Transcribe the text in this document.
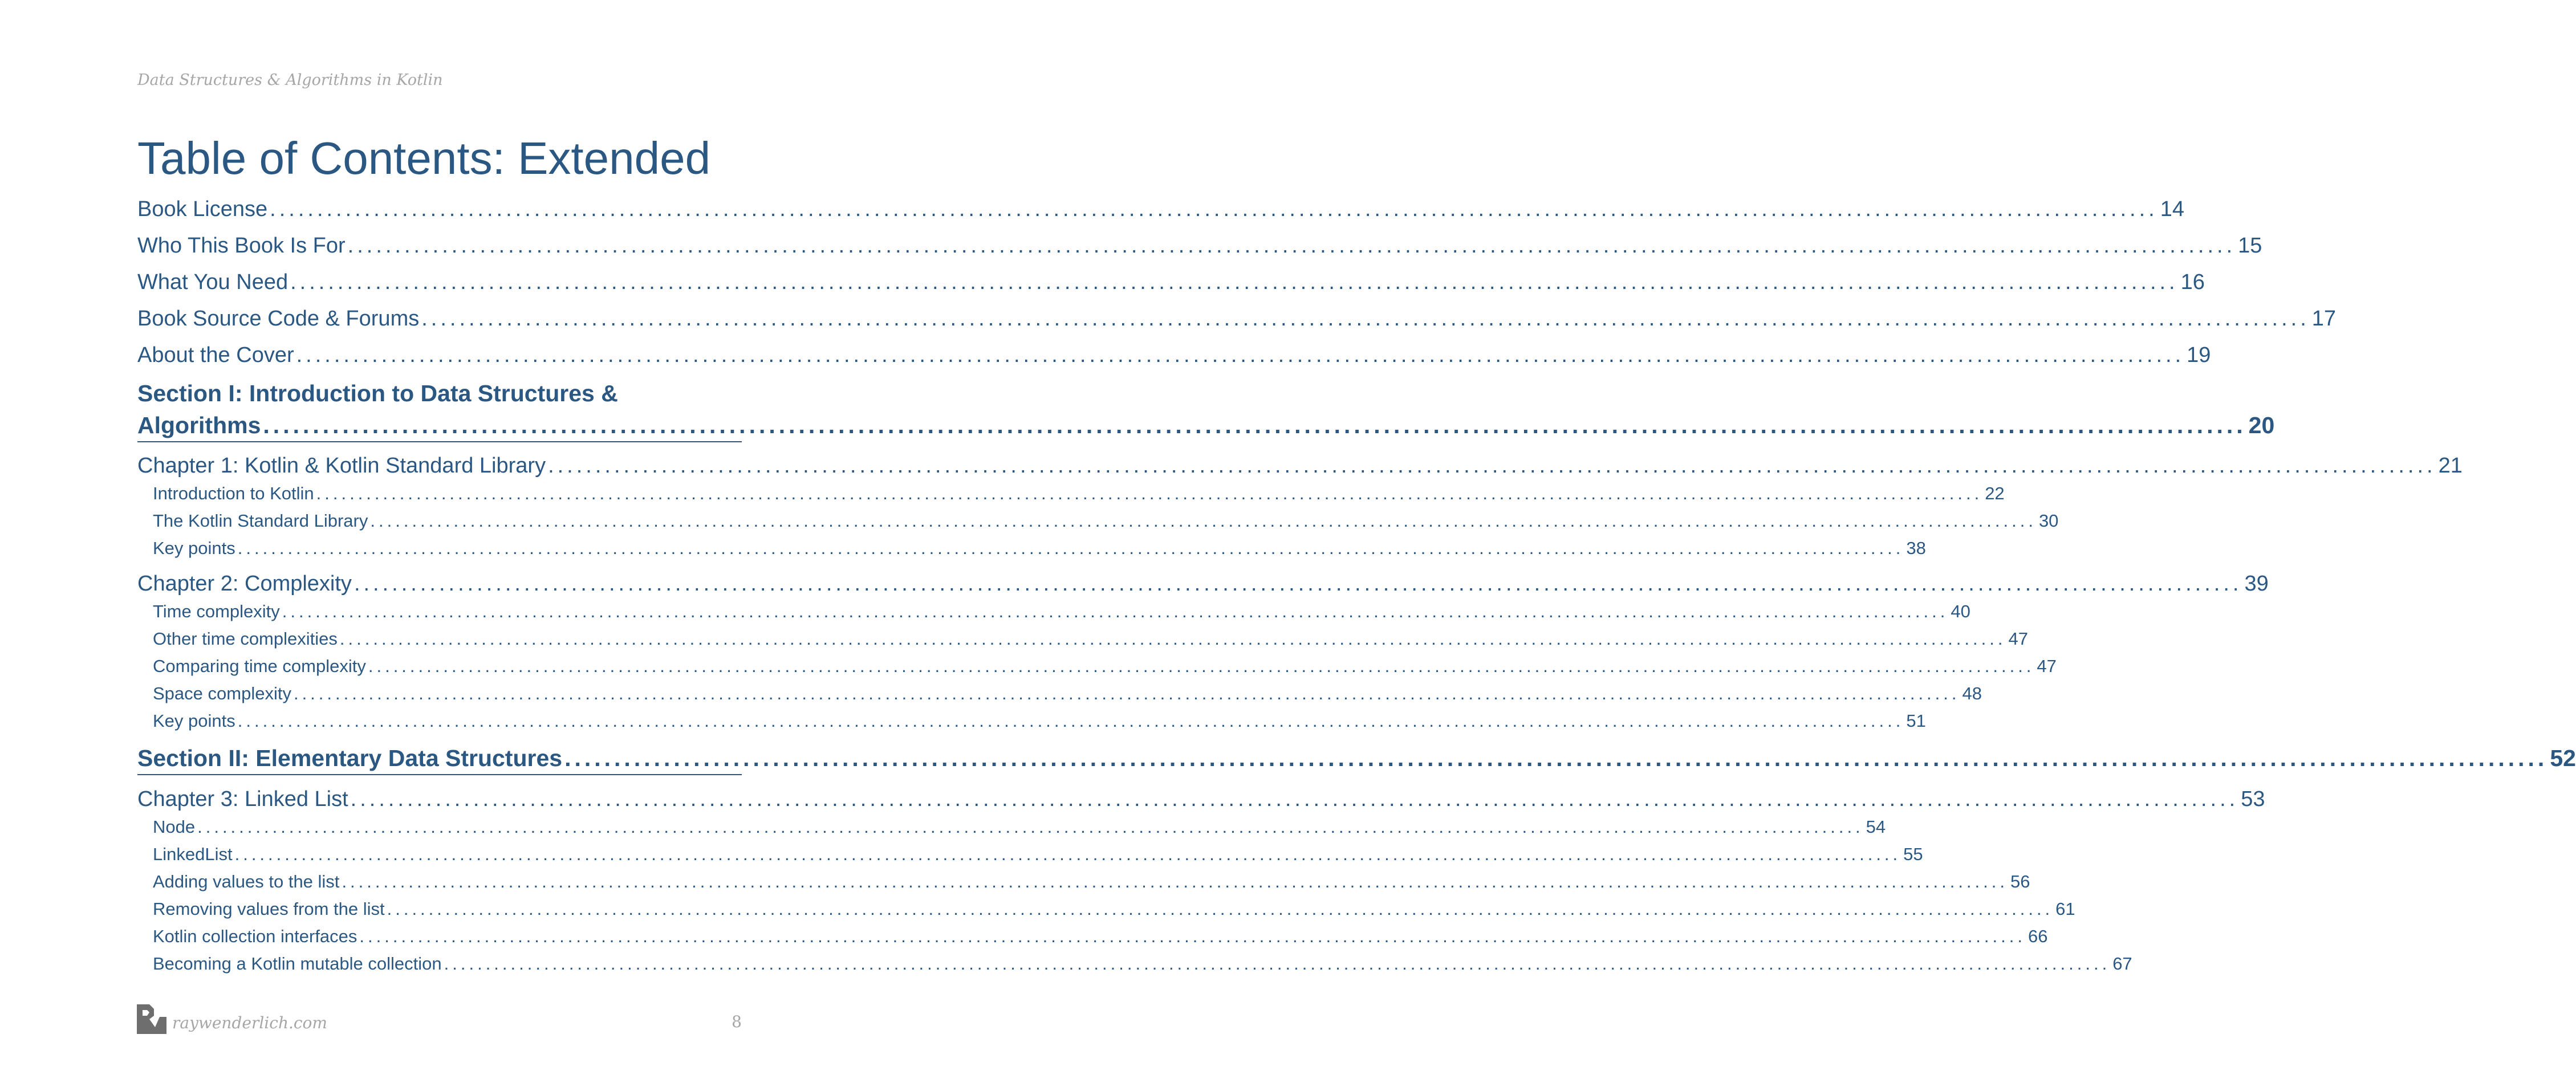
Data Structures & Algorithms in Kotlin
Table of Contents: Extended
Book License ........................................................................................................................................................................................................ 14
Who This Book Is For ........................................................................................................................................................................................................ 15
What You Need ........................................................................................................................................................................................................ 16
Book Source Code & Forums ........................................................................................................................................................................................................ 17
About the Cover ........................................................................................................................................................................................................ 19
Section I: Introduction to Data Structures &
Algorithms ........................................................................................................................................................................................................ 20
Chapter 1: Kotlin & Kotlin Standard Library ........................................................................................................................................................................................................ 21
Introduction to Kotlin ........................................................................................................................................................................................................ 22
The Kotlin Standard Library ........................................................................................................................................................................................................ 30
Key points ........................................................................................................................................................................................................ 38
Chapter 2: Complexity ........................................................................................................................................................................................................ 39
Time complexity ........................................................................................................................................................................................................ 40
Other time complexities ........................................................................................................................................................................................................ 47
Comparing time complexity ........................................................................................................................................................................................................ 47
Space complexity ........................................................................................................................................................................................................ 48
Key points ........................................................................................................................................................................................................ 51
Section II: Elementary Data Structures ........................................................................................................................................................................................................ 52
Chapter 3: Linked List ........................................................................................................................................................................................................ 53
Node ........................................................................................................................................................................................................ 54
LinkedList ........................................................................................................................................................................................................ 55
Adding values to the list ........................................................................................................................................................................................................ 56
Removing values from the list ........................................................................................................................................................................................................ 61
Kotlin collection interfaces ........................................................................................................................................................................................................ 66
Becoming a Kotlin mutable collection ........................................................................................................................................................................................................ 67
raywenderlich.com	8
